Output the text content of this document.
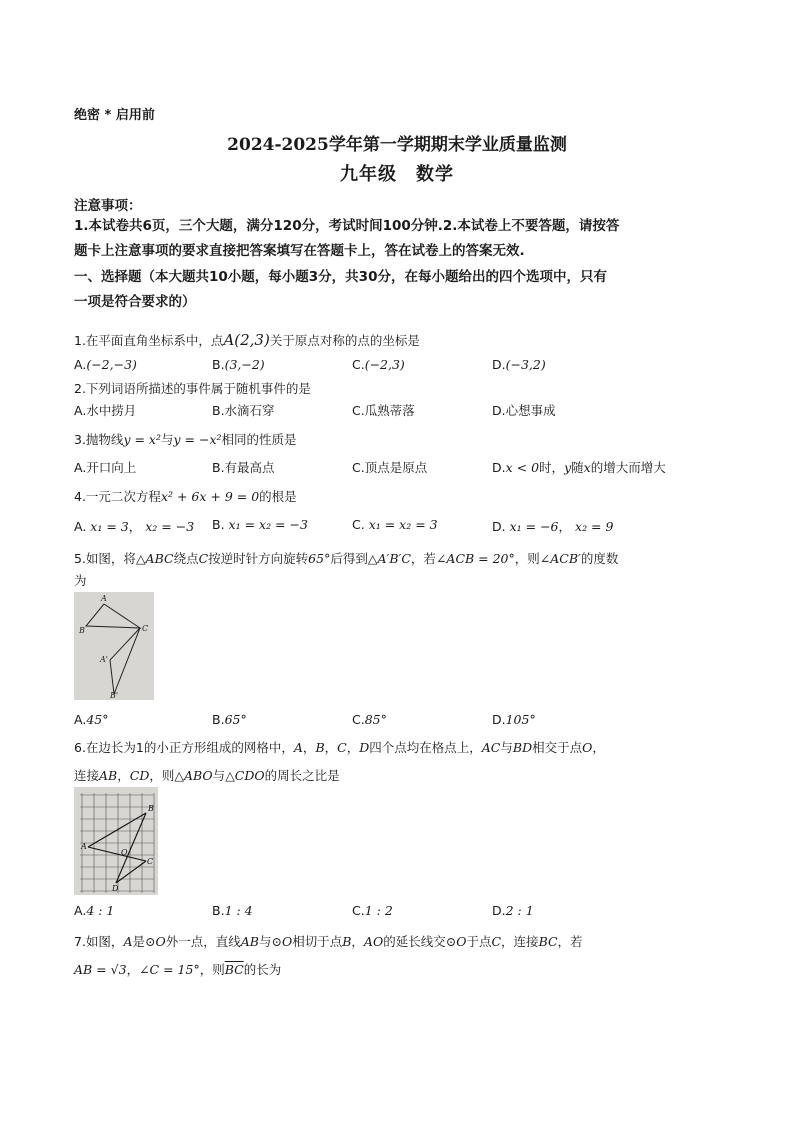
绝密 * 启用前
2024-2025学年第一学期期末学业质量监测
九年级　数学
注意事项：
1.本试卷共6页，三个大题，满分120分，考试时间100分钟.2.本试卷上不要答题，请按答
题卡上注意事项的要求直接把答案填写在答题卡上，答在试卷上的答案无效.
一、选择题（本大题共10小题，每小题3分，共30分，在每小题给出的四个选项中，只有
一项是符合要求的）
1.在平面直角坐标系中，点A(2,3)关于原点对称的点的坐标是
A.(−2,−3)	B.(3,−2)	C.(−2,3)	D.(−3,2)
2.下列词语所描述的事件属于随机事件的是
A.水中捞月	B.水滴石穿	C.瓜熟蒂落	D.心想事成
3.抛物线y = x²与y = −x²相同的性质是
A.开口向上	B.有最高点	C.顶点是原点	D.x < 0时，y随x的增大而增大
4.一元二次方程x² + 6x + 9 = 0的根是
A. x₁ = 3， x₂ = −3 B. x₁ = x₂ = −3	C. x₁ = x₂ = 3	D. x₁ = −6， x₂ = 9
5.如图，将△ABC绕点C按逆时针方向旋转65°后得到△A′B′C，若∠ACB = 20°，则∠ACB′的度数
为
A
B	C
A'
B'
A.45°	B.65°	C.85°	D.105°
6.在边长为1的小正方形组成的网格中，A，B，C，D四个点均在格点上，AC与BD相交于点O，
连接AB，CD，则△ABO与△CDO的周长之比是
A
B
C
D
O
A.4 : 1	B.1 : 4	C.1 : 2	D.2 : 1
7.如图，A是⊙O外一点，直线AB与⊙O相切于点B，AO的延长线交⊙O于点C，连接BC，若
AB = √3，∠C = 15°，则$\overline{BC}$的长为
